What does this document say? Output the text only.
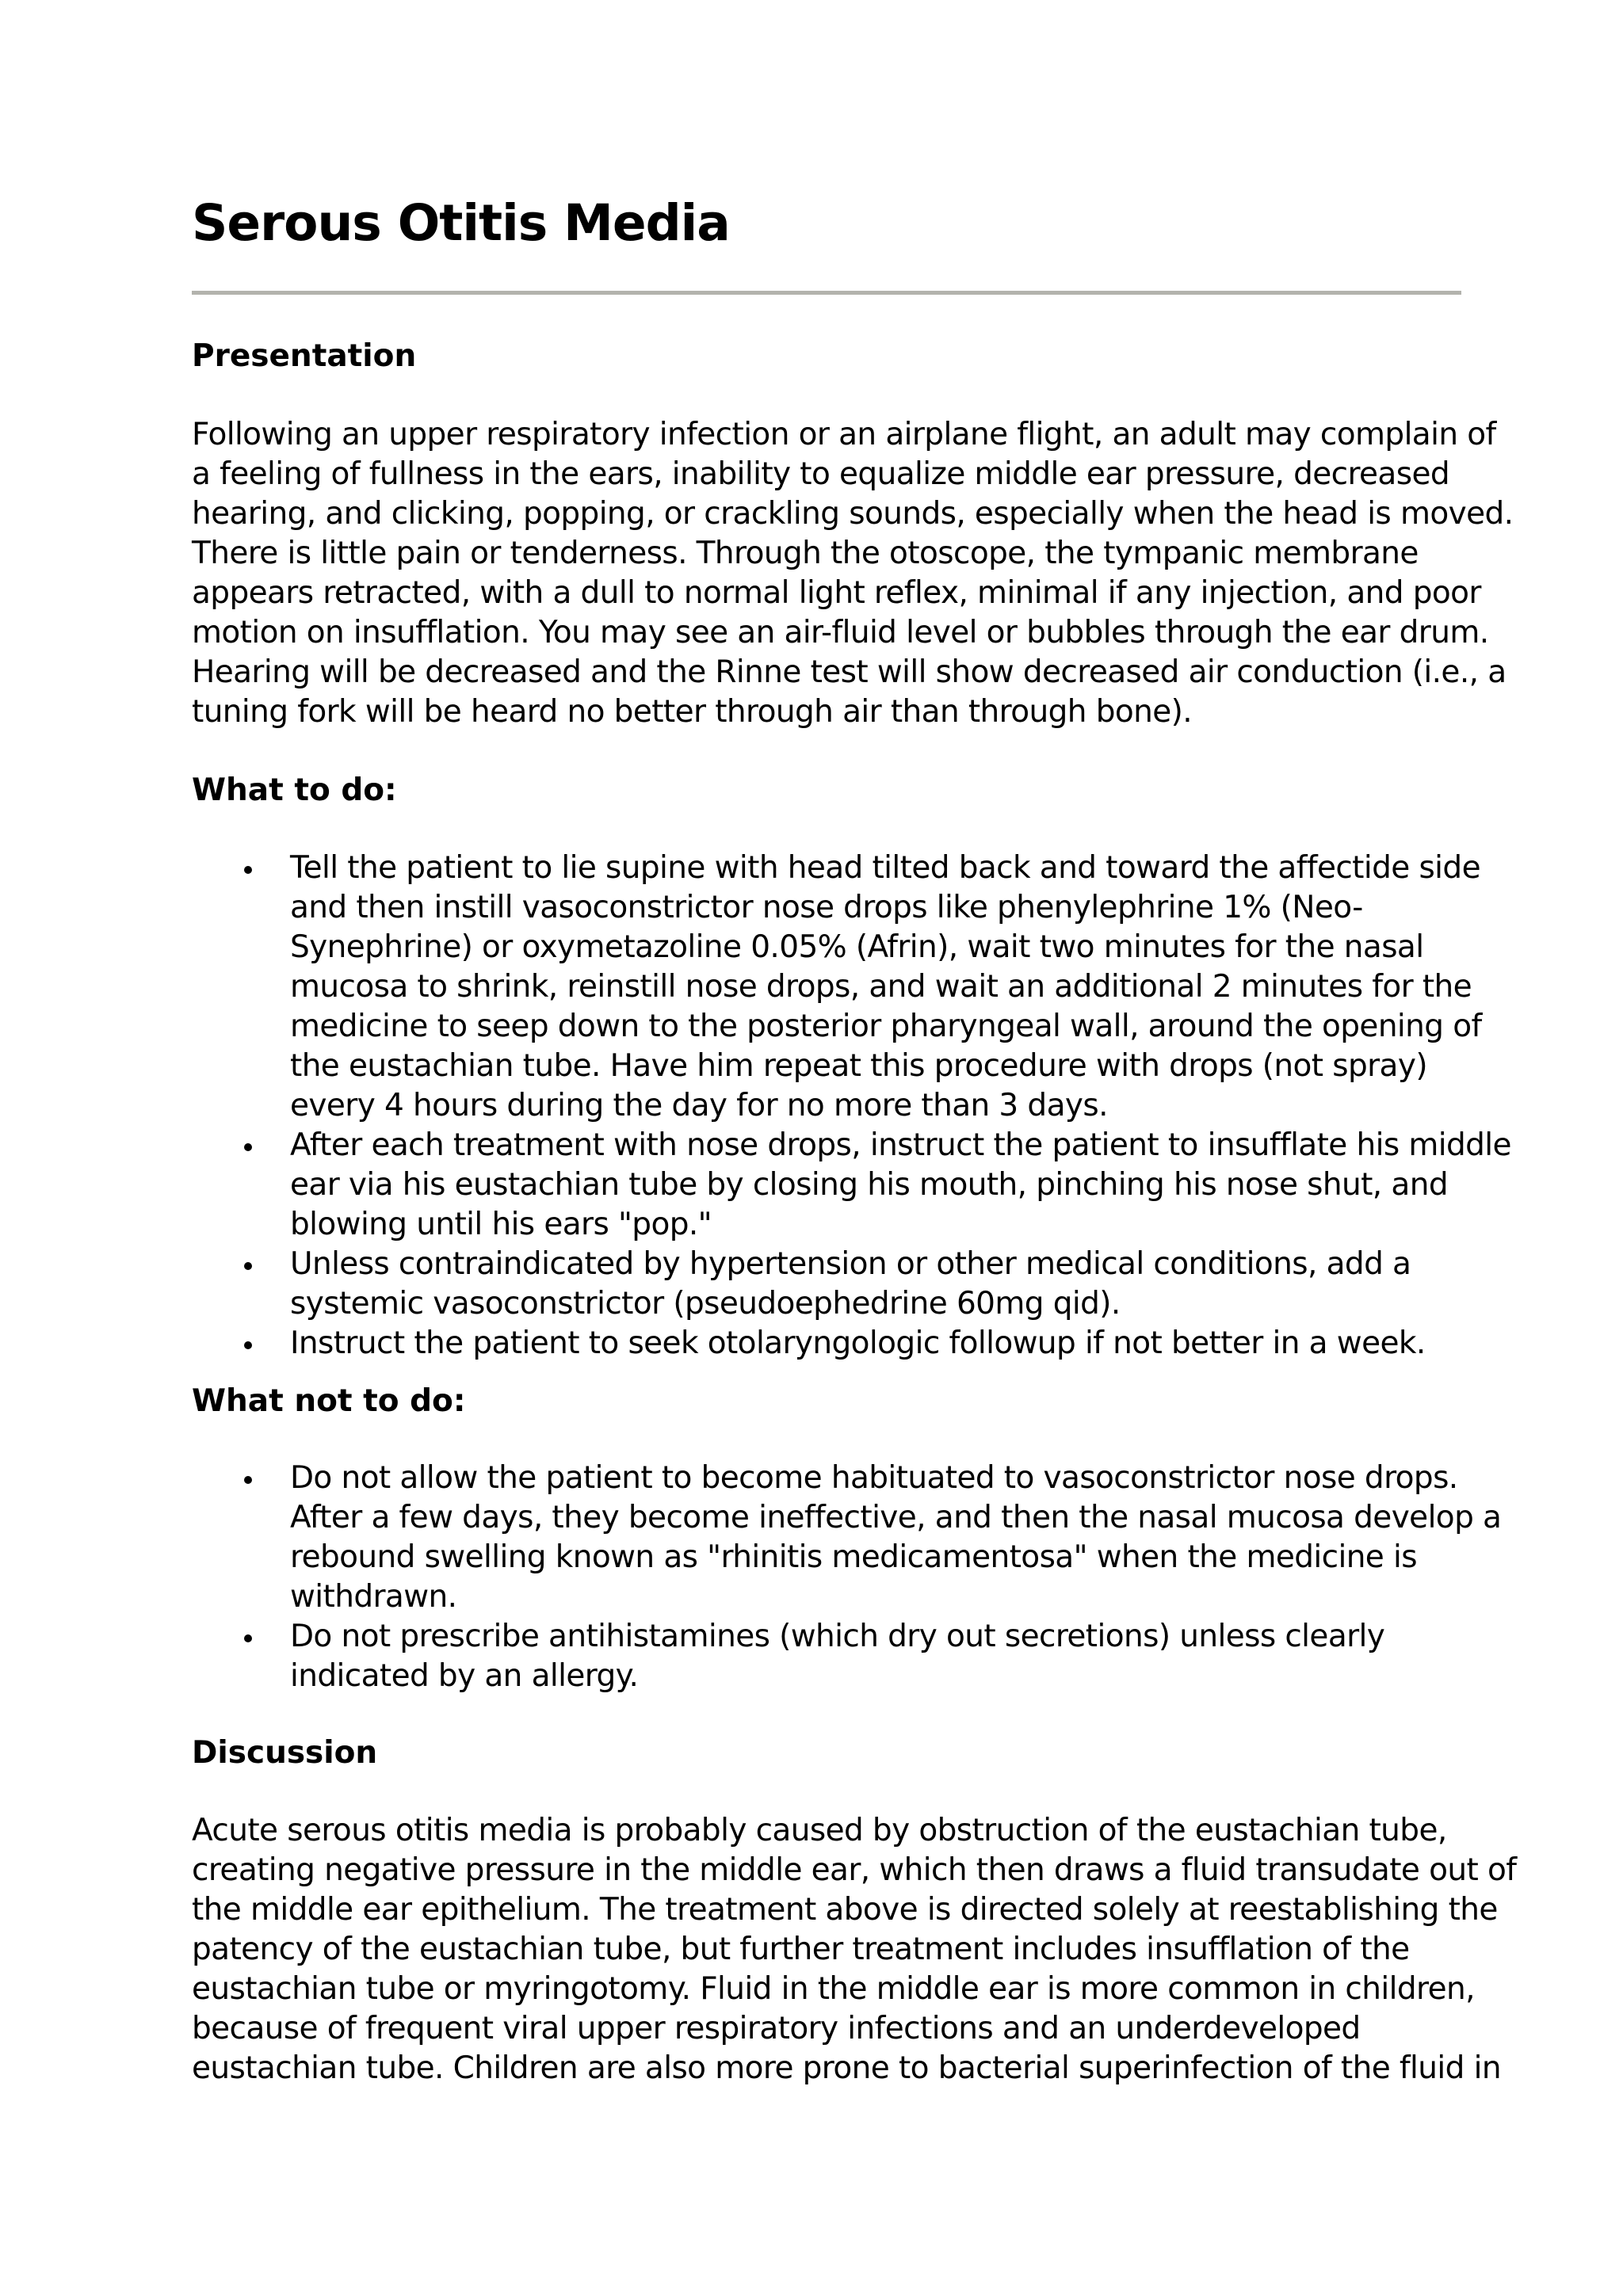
Serous Otitis Media
Presentation
Following an upper respiratory infection or an airplane flight, an adult may complain of
a feeling of fullness in the ears, inability to equalize middle ear pressure, decreased
hearing, and clicking, popping, or crackling sounds, especially when the head is moved.
There is little pain or tenderness. Through the otoscope, the tympanic membrane
appears retracted, with a dull to normal light reflex, minimal if any injection, and poor
motion on insufflation. You may see an air-fluid level or bubbles through the ear drum.
Hearing will be decreased and the Rinne test will show decreased air conduction (i.e., a
tuning fork will be heard no better through air than through bone).
What to do:
Tell the patient to lie supine with head tilted back and toward the affectide side
and then instill vasoconstrictor nose drops like phenylephrine 1% (Neo-
Synephrine) or oxymetazoline 0.05% (Afrin), wait two minutes for the nasal
mucosa to shrink, reinstill nose drops, and wait an additional 2 minutes for the
medicine to seep down to the posterior pharyngeal wall, around the opening of
the eustachian tube. Have him repeat this procedure with drops (not spray)
every 4 hours during the day for no more than 3 days.
After each treatment with nose drops, instruct the patient to insufflate his middle
ear via his eustachian tube by closing his mouth, pinching his nose shut, and
blowing until his ears "pop."
Unless contraindicated by hypertension or other medical conditions, add a
systemic vasoconstrictor (pseudoephedrine 60mg qid).
Instruct the patient to seek otolaryngologic followup if not better in a week.
What not to do:
Do not allow the patient to become habituated to vasoconstrictor nose drops.
After a few days, they become ineffective, and then the nasal mucosa develop a
rebound swelling known as "rhinitis medicamentosa" when the medicine is
withdrawn.
Do not prescribe antihistamines (which dry out secretions) unless clearly
indicated by an allergy.
Discussion
Acute serous otitis media is probably caused by obstruction of the eustachian tube,
creating negative pressure in the middle ear, which then draws a fluid transudate out of
the middle ear epithelium. The treatment above is directed solely at reestablishing the
patency of the eustachian tube, but further treatment includes insufflation of the
eustachian tube or myringotomy. Fluid in the middle ear is more common in children,
because of frequent viral upper respiratory infections and an underdeveloped
eustachian tube. Children are also more prone to bacterial superinfection of the fluid in
